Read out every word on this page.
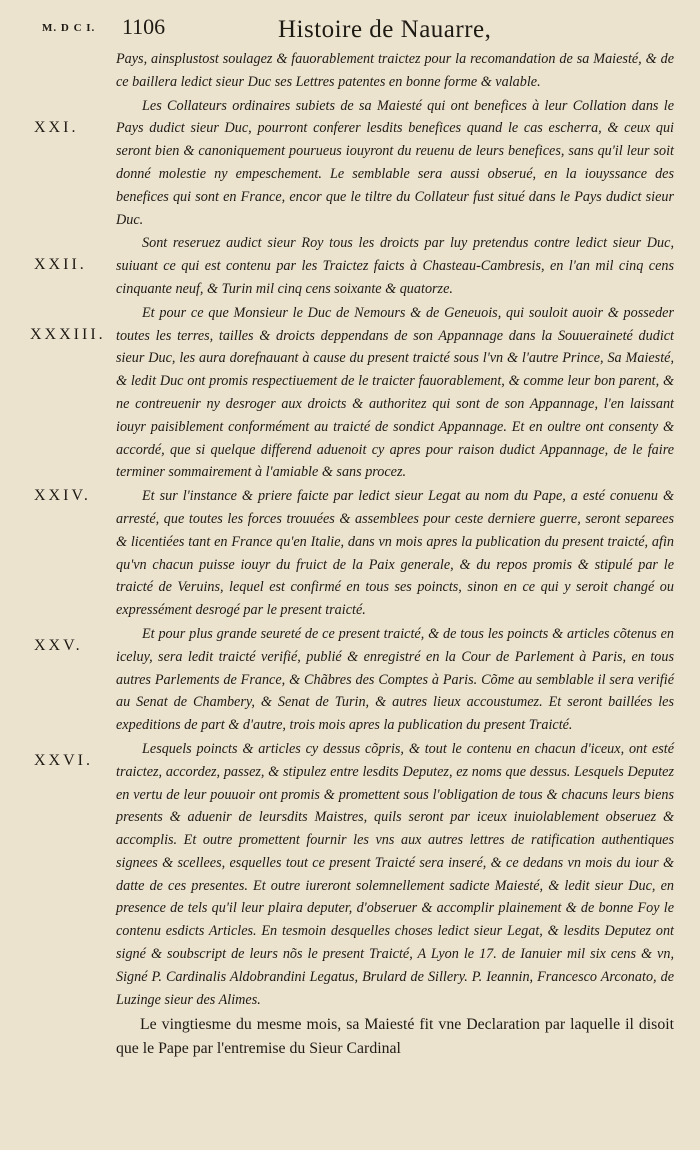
M. D C I. 1106	Histoire de Nauarre,
Pays, ainsplustost soulagez & fauorablement traictez pour la recomandation de sa Maiesté, & de ce baillera ledict sieur Duc ses Lettres patentes en bonne forme & valable.
XXI.
Les Collateurs ordinaires subiets de sa Maiesté qui ont benefices à leur Collation dans le Pays dudict sieur Duc, pourront conferer lesdits benefices quand le cas escherra, & ceux qui seront bien & canoniquement pourueus iouyront du reuenu de leurs benefices, sans qu'il leur soit donné molestie ny empeschement. Le semblable sera aussi obserué, en la iouyssance des benefices qui sont en France, encor que le tiltre du Collateur fust situé dans le Pays dudict sieur Duc.
XXII.
Sont reseruez audict sieur Roy tous les droicts par luy pretendus contre ledict sieur Duc, suiuant ce qui est contenu par les Traictez faicts à Chasteau-Cambresis, en l'an mil cinq cens cinquante neuf, & Turin mil cinq cens soixante & quatorze.
XXXIII.
Et pour ce que Monsieur le Duc de Nemours & de Geneuois, qui souloit auoir & posseder toutes les terres, tailles & droicts deppendans de son Appannage dans la Souueraineté dudict sieur Duc, les aura dorefnauant à cause du present traicté sous l'vn & l'autre Prince, Sa Maiesté, & ledit Duc ont promis respectiuement de le traicter fauorablement, & comme leur bon parent, & ne contreuenir ny desroger aux droicts & authoritez qui sont de son Appannage, l'en laissant iouyr paisiblement conformément au traicté de sondict Appannage. Et en oultre ont consenty & accordé, que si quelque differend aduenoit cy apres pour raison dudict Appannage, de le faire terminer sommairement à l'amiable & sans procez.
XXIV.	Et sur l'instance & priere faicte par ledict sieur Legat au nom du Pape, a esté conuenu & arresté, que toutes les forces trouuées & assemblees pour ceste derniere guerre, seront separees & licentiées tant en France qu'en Italie, dans vn mois apres la publication du present traicté, afin qu'vn chacun puisse iouyr du fruict de la Paix generale, & du repos promis & stipulé par le traicté de Veruins, lequel est confirmé en tous ses poincts, sinon en ce qui y seroit changé ou expressément desrogé par le present traicté.
XXV.
Et pour plus grande seureté de ce present traicté, & de tous les poincts & articles cõtenus en iceluy, sera ledit traicté verifié, publié & enregistré en la Cour de Parlement à Paris, en tous autres Parlements de France, & Chãbres des Comptes à Paris. Cõme au semblable il sera verifié au Senat de Chambery, & Senat de Turin, & autres lieux accoustumez. Et seront baillées les expeditions de part & d'autre, trois mois apres la publication du present Traicté.
XXVI.
Lesquels poincts & articles cy dessus cõpris, & tout le contenu en chacun d'iceux, ont esté traictez, accordez, passez, & stipulez entre lesdits Deputez, ez noms que dessus. Lesquels Deputez en vertu de leur pouuoir ont promis & promettent sous l'obligation de tous & chacuns leurs biens presents & aduenir de leursdits Maistres, quils seront par iceux inuiolablement obseruez & accomplis. Et outre promettent fournir les vns aux autres lettres de ratification authentiques signees & scellees, esquelles tout ce present Traicté sera inseré, & ce dedans vn mois du iour & datte de ces presentes. Et outre iureront solemnellement sadicte Maiesté, & ledit sieur Duc, en presence de tels qu'il leur plaira deputer, d'obseruer & accomplir plainement & de bonne Foy le contenu esdicts Articles. En tesmoin desquelles choses ledict sieur Legat, & lesdits Deputez ont signé & soubscript de leurs nõs le present Traicté, A Lyon le 17. de Ianuier mil six cens & vn, Signé P. Cardinalis Aldobrandini Legatus, Brulard de Sillery. P. Ieannin, Francesco Arconato, de Luzinge sieur des Alimes.
Le vingtiesme du mesme mois, sa Maiesté fit vne Declaration par laquelle il disoit que le Pape par l'entremise du Sieur Cardinal
